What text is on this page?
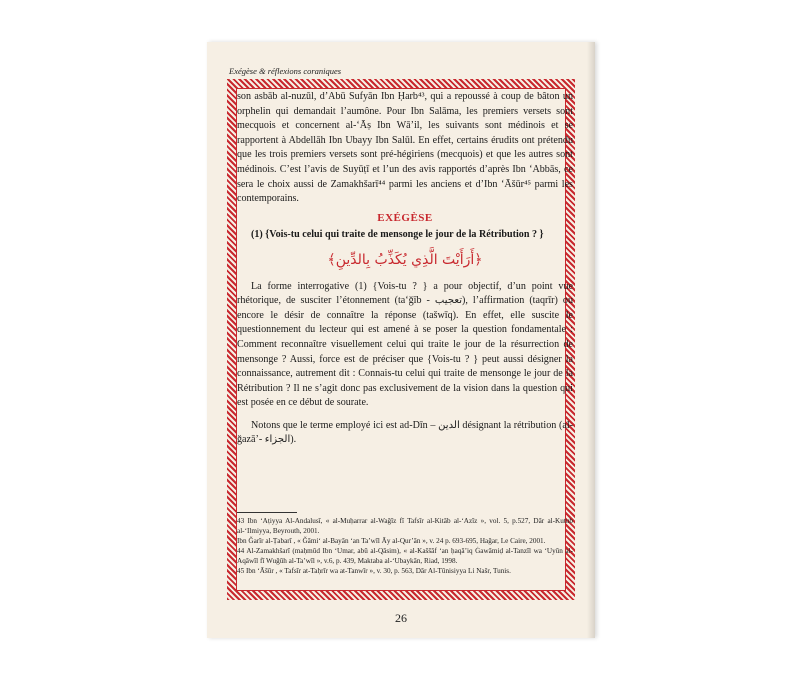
Exégèse & réflexions coraniques

son asbāb al-nuzūl, d’Abū Sufyān Ibn Ḥarb⁴³, qui a repoussé à coup de bâton un orphelin qui demandait l’aumône. Pour Ibn Salāma, les premiers versets sont mecquois et concernent al-‘Āṣ Ibn Wā’il, les suivants sont médinois et se rapportent à Abdellāh Ibn Ubayy Ibn Salūl. En effet, certains érudits ont prétendu que les trois premiers versets sont pré-hégiriens (mecquois) et que les autres sont médinois. C’est l’avis de Suyūṭī et l’un des avis rapportés d’après Ibn ‘Abbās, ce sera le choix aussi de Zamakhšarī⁴⁴ parmi les anciens et d’Ibn ‘Āšūr⁴⁵ parmi les contemporains.

EXÉGÈSE

(1) {Vois-tu celui qui traite de mensonge le jour de la Rétribution ? }

﴿أَرَأَيْتَ الَّذِي يُكَذِّبُ بِالدِّينِ﴾

La forme interrogative (1) {Vois-tu ? } a pour objectif, d’un point vue rhétorique, de susciter l’étonnement (ta‘ğīb - تعجيب), l’affirmation (taqrīr) ou encore le désir de connaître la réponse (tašwīq). En effet, elle suscite le questionnement du lecteur qui est amené à se poser la question fondamentale : Comment reconnaître visuellement celui qui traite le jour de la résurrection de mensonge ? Aussi, force est de préciser que {Vois-tu ? } peut aussi désigner la connaissance, autrement dit : Connais-tu celui qui traite de mensonge le jour de la Rétribution ? Il ne s’agit donc pas exclusivement de la vision dans la question qui est posée en ce début de sourate.

Notons que le terme employé ici est ad-Dīn – الدين désignant la rétribution (al-ğazā’- الجزاء).

43 Ibn ‘Aṭiyya Al-Andalusī, « al-Muḥarrar al-Waǧīz fī Tafsīr al-Kitāb al-‘Azīz », vol. 5, p.527, Dār al-Kutub al-‘Ilmiyya, Beyrouth, 2001.

Ibn Ǧarīr al-Ṭabarī , « Ǧāmi‘ al-Bayān ‘an Ta’wīl Āy al-Qur’ān », v. 24 p. 693-695, Haǧar, Le Caire, 2001.

44 Al-Zamakhšarī (maḥmūd Ibn ‘Umar, abū al-Qāsim), « al-Kaššāf ‘an ḥaqā’iq Ġawāmiḍ al-Tanzīl wa ‘Uyūn al-Aqāwīl fī Wuǧūh al-Ta’wīl », v.6, p. 439, Maktaba al-‘Ubaykān, Riad, 1998.

45 Ibn ‘Āšūr , « Tafsīr at-Taḥrīr wa at-Tanwīr », v. 30, p. 563, Dār Al-Tūnisiyya Li Našr, Tunis.

26
